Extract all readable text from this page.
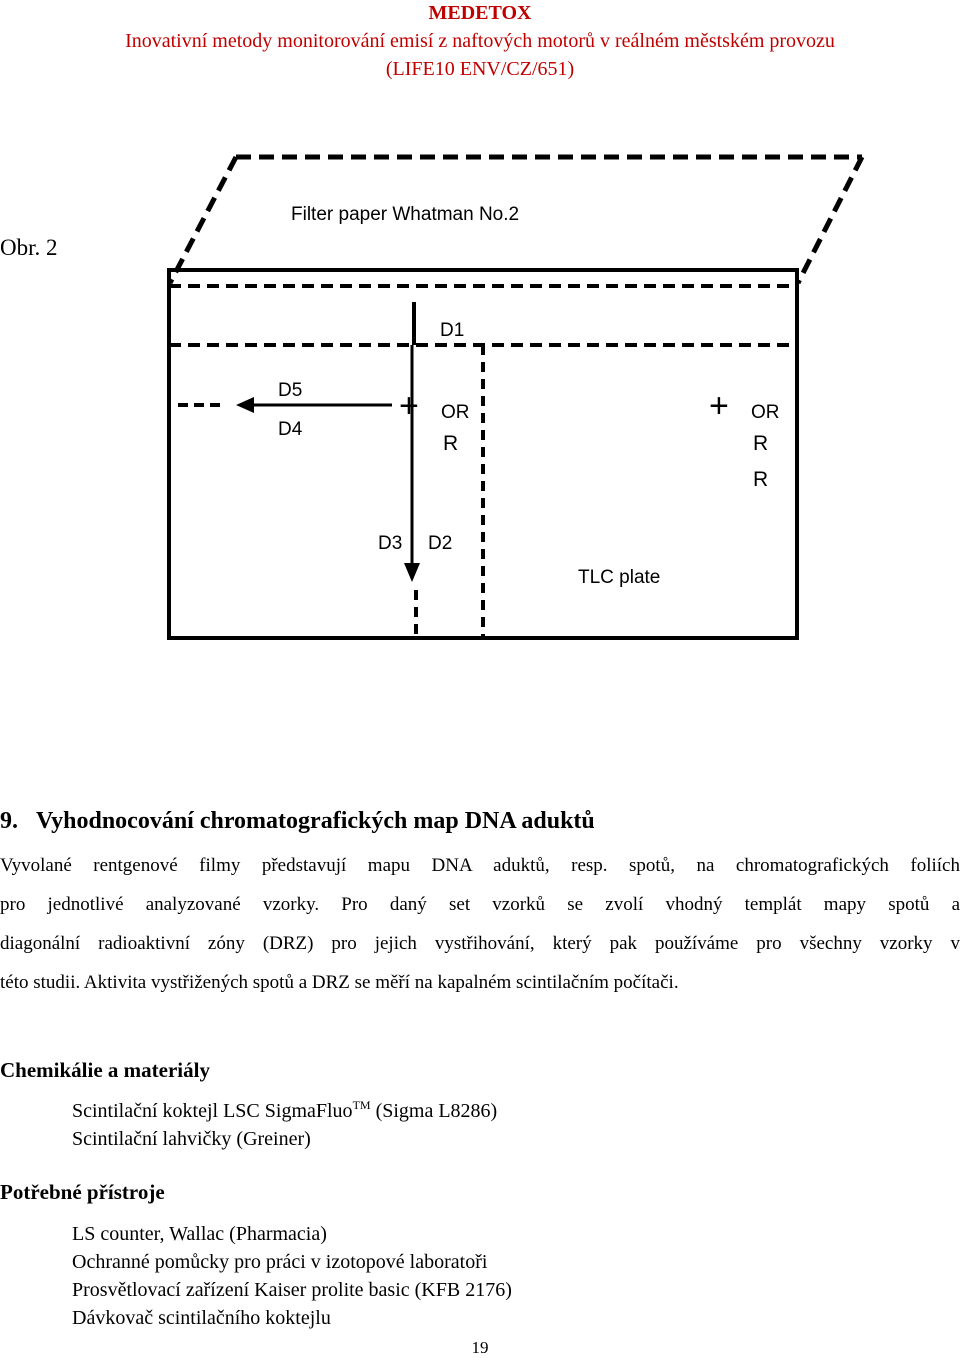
MEDETOX
Inovativní metody monitorování emisí z naftových motorů v reálném městském provozu
(LIFE10 ENV/CZ/651)
Obr. 2
Filter paper Whatman No.2
D1
D5
D4
+ OR
R
+ OR
R
R
D3 D2
TLC plate
9. Vyhodnocování chromatografických map DNA aduktů
Vyvolané rentgenové filmy představují mapu DNA aduktů, resp. spotů, na chromatografických foliích
pro jednotlivé analyzované vzorky. Pro daný set vzorků se zvolí vhodný templát mapy spotů a
diagonální radioaktivní zóny (DRZ) pro jejich vystřihování, který pak používáme pro všechny vzorky v
této studii. Aktivita vystřižených spotů a DRZ se měří na kapalném scintilačním počítači.
Chemikálie a materiály
Scintilační koktejl LSC SigmaFluo™ (Sigma L8286)
Scintilační lahvičky (Greiner)
Potřebné přístroje
LS counter, Wallac (Pharmacia)
Ochranné pomůcky pro práci v izotopové laboratoři
Prosvětlovací zařízení Kaiser prolite basic (KFB 2176)
Dávkovač scintilačního koktejlu
19
